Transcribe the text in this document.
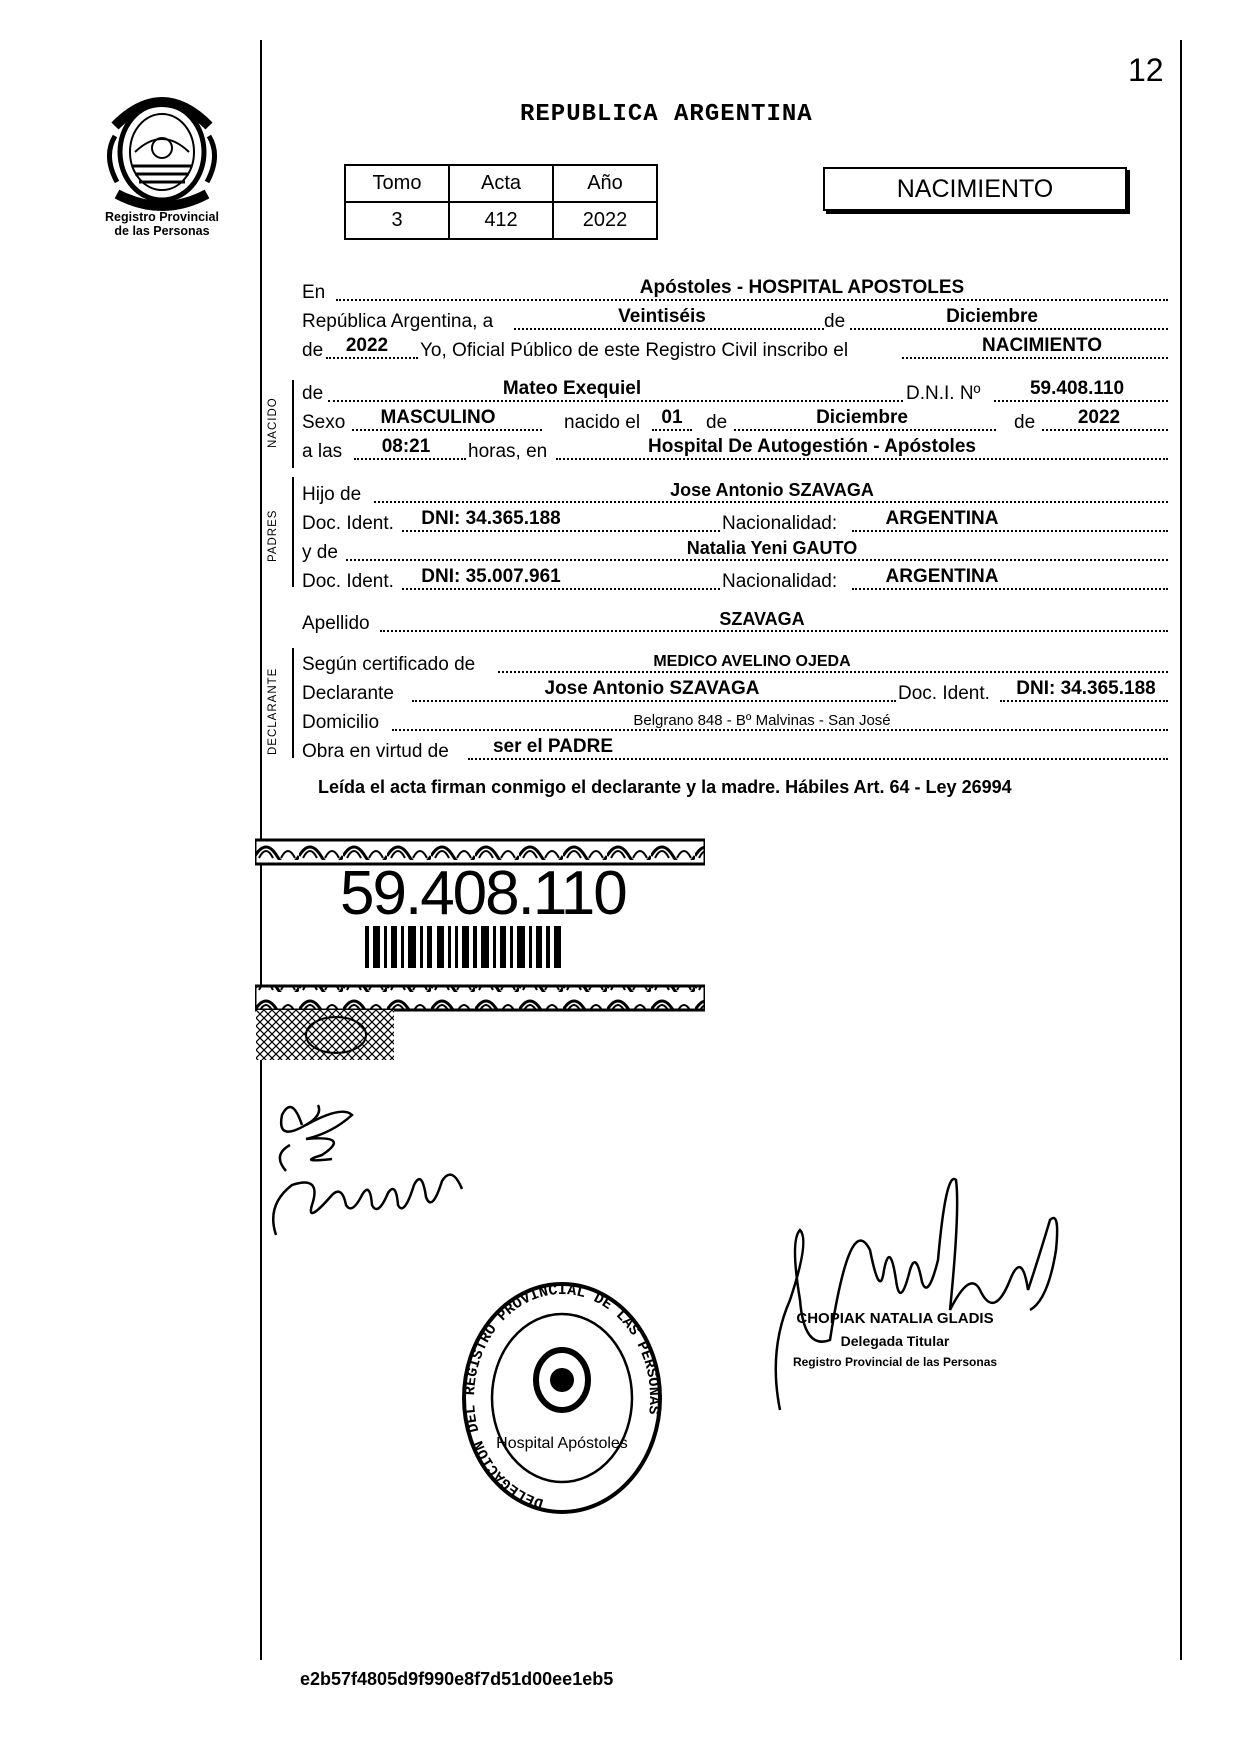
12
Registro Provincial
de las Personas
REPUBLICA ARGENTINA
Tomo	Acta	Año
3	412	2022
NACIMIENTO
NACIDO
PADRES
DECLARANTE
En	Apóstoles - HOSPITAL APOSTOLES
República Argentina, a	Veintiséis	de	Diciembre
de	2022	Yo, Oficial Público de este Registro Civil inscribo el	NACIMIENTO
de	Mateo Exequiel	D.N.I. Nº	59.408.110
Sexo	MASCULINO	nacido el	01	de	Diciembre	de	2022
a las	08:21	horas, en	Hospital De Autogestión - Apóstoles
Hijo de	Jose Antonio SZAVAGA
Doc. Ident.	DNI: 34.365.188	Nacionalidad:	ARGENTINA
y de	Natalia Yeni GAUTO
Doc. Ident.	DNI: 35.007.961	Nacionalidad:	ARGENTINA
Apellido	SZAVAGA
Según certificado de	MEDICO AVELINO OJEDA
Declarante	Jose Antonio SZAVAGA	Doc. Ident.	DNI: 34.365.188
Domicilio	Belgrano 848 - Bº Malvinas - San José
Obra en virtud de	ser el PADRE
Leída el acta firman conmigo el declarante y la madre. Hábiles Art. 64 - Ley 26994
59.408.110
DELEGACION DEL REGISTRO PROVINCIAL DE LAS PERSONAS
Hospital Apóstoles
CHOPIAK NATALIA GLADIS
Delegada Titular
Registro Provincial de las Personas
e2b57f4805d9f990e8f7d51d00ee1eb5
